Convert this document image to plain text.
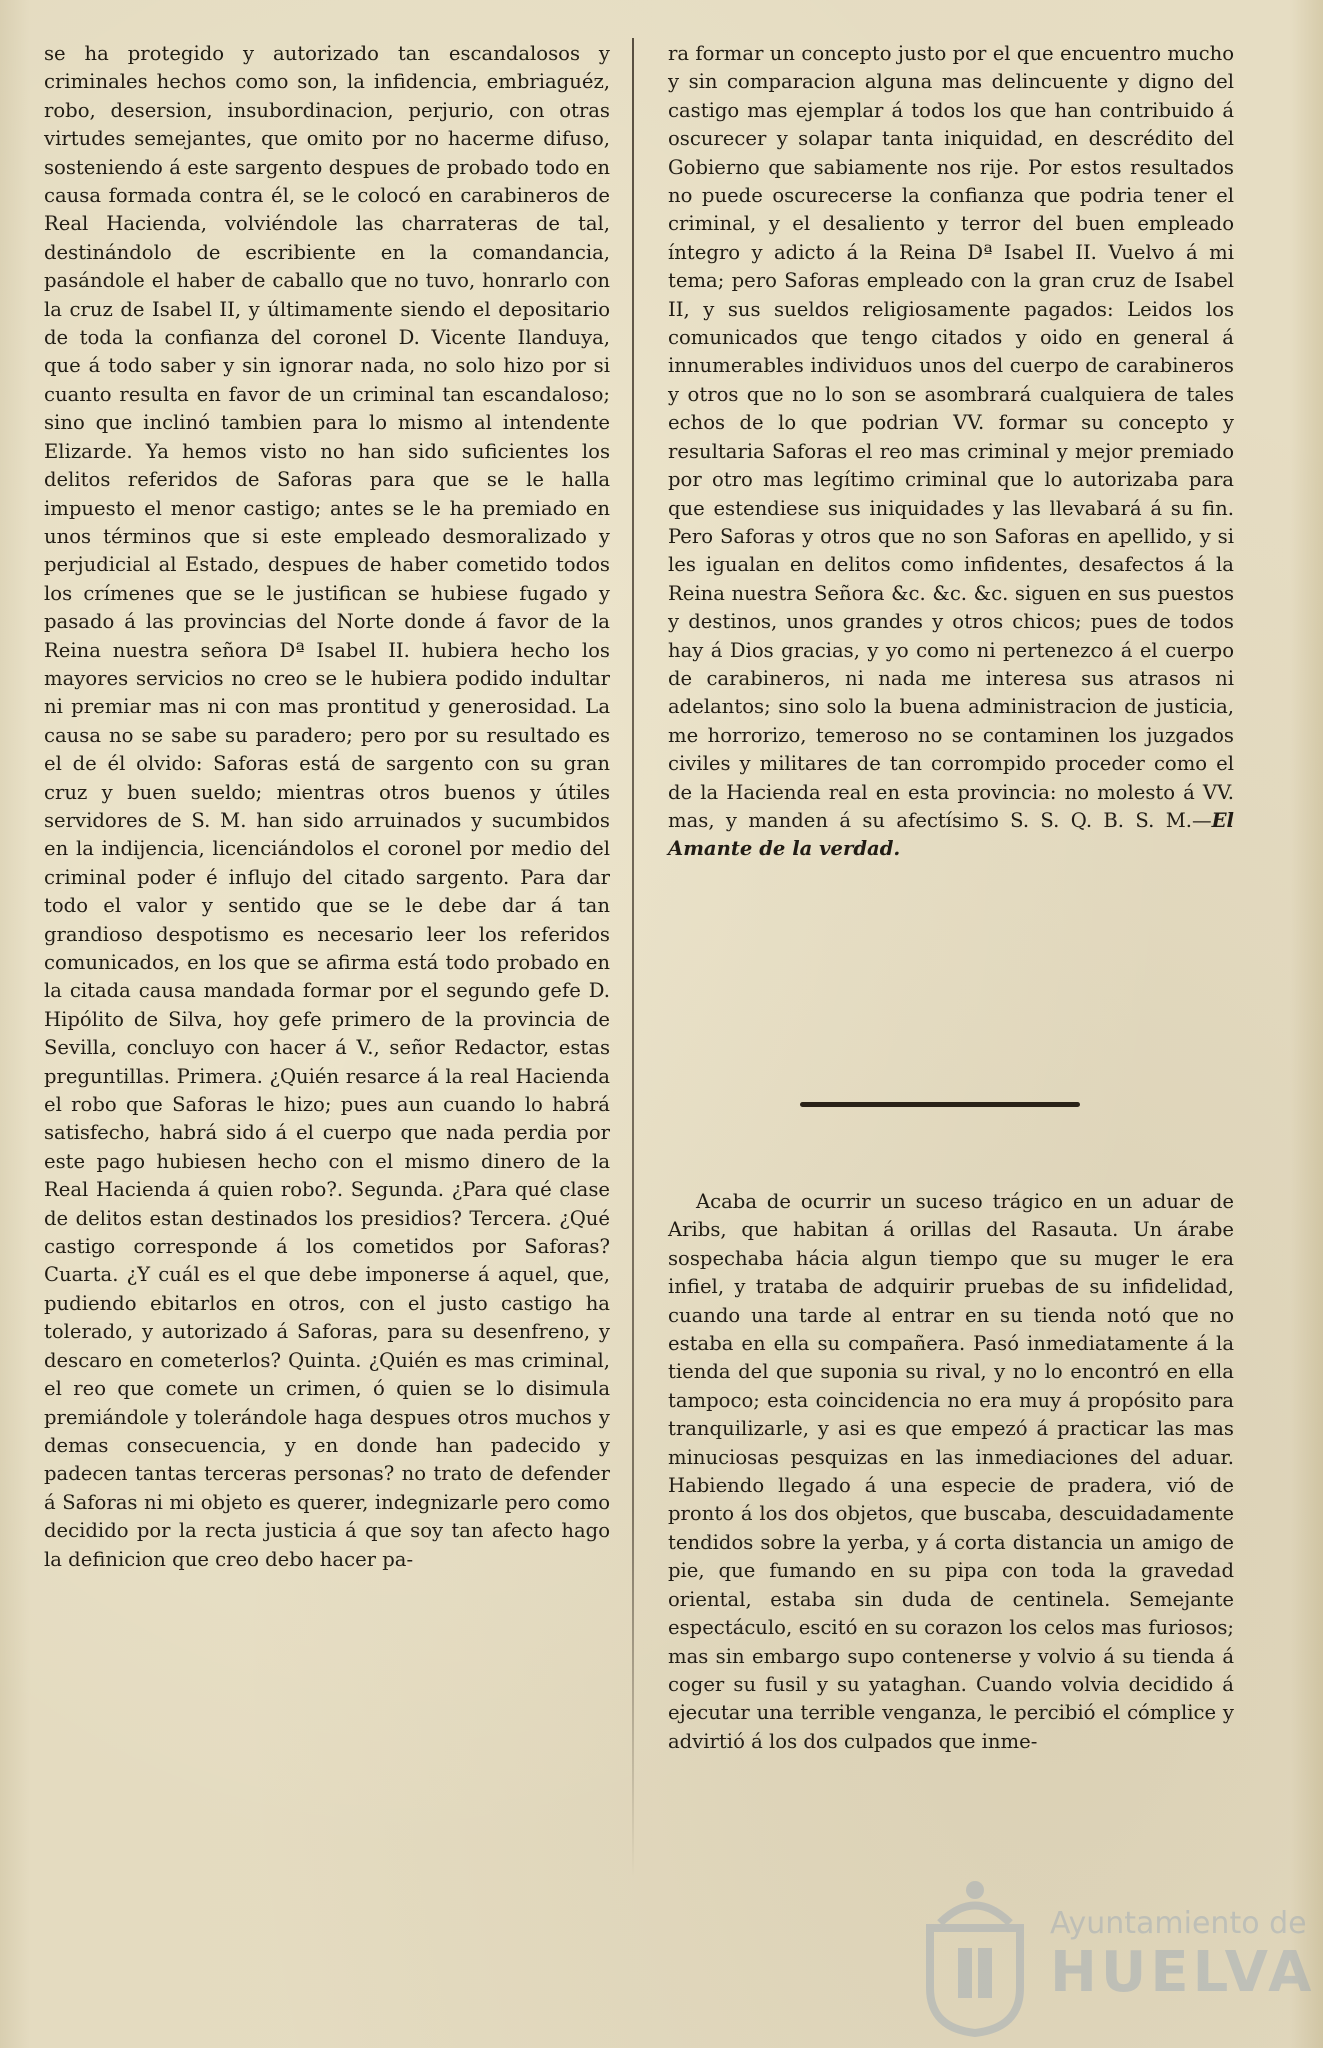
se ha protegido y autorizado tan escandalosos y criminales hechos como son, la infidencia, embriaguéz, robo, desersion, insubordinacion, perjurio, con otras virtudes semejantes, que omito por no hacerme difuso, sosteniendo á este sargento despues de probado todo en causa formada contra él, se le colocó en carabineros de Real Hacienda, volviéndole las charrateras de tal, destinándolo de escribiente en la comandancia, pasándole el haber de caballo que no tuvo, honrarlo con la cruz de Isabel II, y últimamente siendo el depositario de toda la confianza del coronel D. Vicente Ilanduya, que á todo saber y sin ignorar nada, no solo hizo por si cuanto resulta en favor de un criminal tan escandaloso; sino que inclinó tambien para lo mismo al intendente Elizarde. Ya hemos visto no han sido suficientes los delitos referidos de Saforas para que se le halla impuesto el menor castigo; antes se le ha premiado en unos términos que si este empleado desmoralizado y perjudicial al Estado, despues de haber cometido todos los crímenes que se le justifican se hubiese fugado y pasado á las provincias del Norte donde á favor de la Reina nuestra señora Dª Isabel II. hubiera hecho los mayores servicios no creo se le hubiera podido indultar ni premiar mas ni con mas prontitud y generosidad. La causa no se sabe su paradero; pero por su resultado es el de él olvido: Saforas está de sargento con su gran cruz y buen sueldo; mientras otros buenos y útiles servidores de S. M. han sido arruinados y sucumbidos en la indijencia, licenciándolos el coronel por medio del criminal poder é influjo del citado sargento. Para dar todo el valor y sentido que se le debe dar á tan grandioso despotismo es necesario leer los referidos comunicados, en los que se afirma está todo probado en la citada causa mandada formar por el segundo gefe D. Hipólito de Silva, hoy gefe primero de la provincia de Sevilla, concluyo con hacer á V., señor Redactor, estas preguntillas. Primera. ¿Quién resarce á la real Hacienda el robo que Saforas le hizo; pues aun cuando lo habrá satisfecho, habrá sido á el cuerpo que nada perdia por este pago hubiesen hecho con el mismo dinero de la Real Hacienda á quien robo?. Segunda. ¿Para qué clase de delitos estan destinados los presidios? Tercera. ¿Qué castigo corresponde á los cometidos por Saforas? Cuarta. ¿Y cuál es el que debe imponerse á aquel, que, pudiendo ebitarlos en otros, con el justo castigo ha tolerado, y autorizado á Saforas, para su desenfreno, y descaro en cometerlos? Quinta. ¿Quién es mas criminal, el reo que comete un crimen, ó quien se lo disimula premiándole y tolerándole haga despues otros muchos y demas consecuencia, y en donde han padecido y padecen tantas terceras personas? no trato de defender á Saforas ni mi objeto es querer, indegnizarle pero como decidido por la recta justicia á que soy tan afecto hago la definicion que creo debo hacer pa-

ra formar un concepto justo por el que encuentro mucho y sin comparacion alguna mas delincuente y digno del castigo mas ejemplar á todos los que han contribuido á oscurecer y solapar tanta iniquidad, en descrédito del Gobierno que sabiamente nos rije. Por estos resultados no puede oscurecerse la confianza que podria tener el criminal, y el desaliento y terror del buen empleado íntegro y adicto á la Reina Dª Isabel II. Vuelvo á mi tema; pero Saforas empleado con la gran cruz de Isabel II, y sus sueldos religiosamente pagados: Leidos los comunicados que tengo citados y oido en general á innumerables individuos unos del cuerpo de carabineros y otros que no lo son se asombrará cualquiera de tales echos de lo que podrian VV. formar su concepto y resultaria Saforas el reo mas criminal y mejor premiado por otro mas legítimo criminal que lo autorizaba para que estendiese sus iniquidades y las llevabará á su fin. Pero Saforas y otros que no son Saforas en apellido, y si les igualan en delitos como infidentes, desafectos á la Reina nuestra Señora &c. &c. &c. siguen en sus puestos y destinos, unos grandes y otros chicos; pues de todos hay á Dios gracias, y yo como ni pertenezco á el cuerpo de carabineros, ni nada me interesa sus atrasos ni adelantos; sino solo la buena administracion de justicia, me horrorizo, temeroso no se contaminen los juzgados civiles y militares de tan corrompido proceder como el de la Hacienda real en esta provincia: no molesto á VV. mas, y manden á su afectísimo S. S. Q. B. S. M.—El Amante de la verdad.

Acaba de ocurrir un suceso trágico en un aduar de Aribs, que habitan á orillas del Rasauta. Un árabe sospechaba hácia algun tiempo que su muger le era infiel, y trataba de adquirir pruebas de su infidelidad, cuando una tarde al entrar en su tienda notó que no estaba en ella su compañera. Pasó inmediatamente á la tienda del que suponia su rival, y no lo encontró en ella tampoco; esta coincidencia no era muy á propósito para tranquilizarle, y asi es que empezó á practicar las mas minuciosas pesquizas en las inmediaciones del aduar. Habiendo llegado á una especie de pradera, vió de pronto á los dos objetos, que buscaba, descuidadamente tendidos sobre la yerba, y á corta distancia un amigo de pie, que fumando en su pipa con toda la gravedad oriental, estaba sin duda de centinela. Semejante espectáculo, escitó en su corazon los celos mas furiosos; mas sin embargo supo contenerse y volvio á su tienda á coger su fusil y su yataghan. Cuando volvia decidido á ejecutar una terrible venganza, le percibió el cómplice y advirtió á los dos culpados que inme-

Ayuntamiento de
HUELVA
